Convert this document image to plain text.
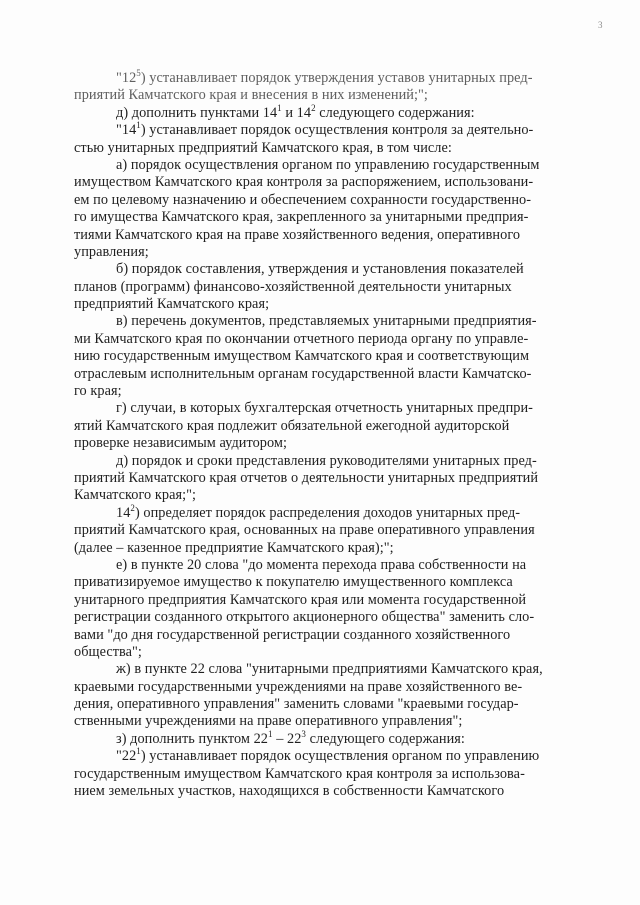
3
"$12^5$) устанавливает порядок утверждения уставов унитарных пред-
приятий Камчатского края и внесения в них изменений;";
д) дополнить пунктами $14^1$ и $14^2$ следующего содержания:
"$14^1$) устанавливает порядок осуществления контроля за деятельно-
стью унитарных предприятий Камчатского края, в том числе:
а) порядок осуществления органом по управлению государственным
имуществом Камчатского края контроля за распоряжением, использовани-
ем по целевому назначению и обеспечением сохранности государственно-
го имущества Камчатского края, закрепленного за унитарными предприя-
тиями Камчатского края на праве хозяйственного ведения, оперативного
управления;
б) порядок составления, утверждения и установления показателей
планов (программ) финансово-хозяйственной деятельности унитарных
предприятий Камчатского края;
в) перечень документов, представляемых унитарными предприятия-
ми Камчатского края по окончании отчетного периода органу по управле-
нию государственным имуществом Камчатского края и соответствующим
отраслевым исполнительным органам государственной власти Камчатско-
го края;
г) случаи, в которых бухгалтерская отчетность унитарных предпри-
ятий Камчатского края подлежит обязательной ежегодной аудиторской
проверке независимым аудитором;
д) порядок и сроки представления руководителями унитарных пред-
приятий Камчатского края отчетов о деятельности унитарных предприятий
Камчатского края;";
$14^2$) определяет порядок распределения доходов унитарных пред-
приятий Камчатского края, основанных на праве оперативного управления
(далее – казенное предприятие Камчатского края);";
е) в пункте 20 слова "до момента перехода права собственности на
приватизируемое имущество к покупателю имущественного комплекса
унитарного предприятия Камчатского края или момента государственной
регистрации созданного открытого акционерного общества" заменить сло-
вами "до дня государственной регистрации созданного хозяйственного
общества";
ж) в пункте 22 слова "унитарными предприятиями Камчатского края,
краевыми государственными учреждениями на праве хозяйственного ве-
дения, оперативного управления" заменить словами "краевыми государ-
ственными учреждениями на праве оперативного управления";
з) дополнить пунктом $22^1 - 22^3$ следующего содержания:
"$22^1$) устанавливает порядок осуществления органом по управлению
государственным имуществом Камчатского края контроля за использова-
нием земельных участков, находящихся в собственности Камчатского
